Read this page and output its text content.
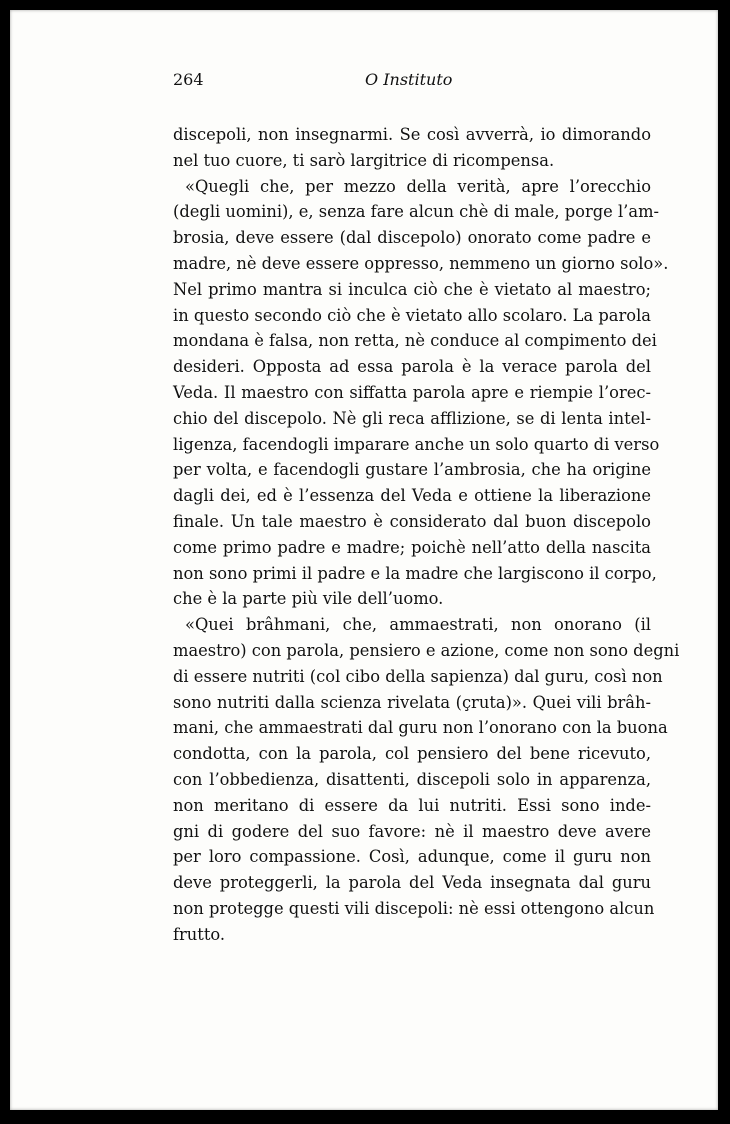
264	O Instituto
discepoli, non insegnarmi. Se così avverrà, io dimorando
nel tuo cuore, ti sarò largitrice di ricompensa.
«Quegli che, per mezzo della verità, apre l’orecchio
(degli uomini), e, senza fare alcun chè di male, porge l’am-
brosia, deve essere (dal discepolo) onorato come padre e
madre, nè deve essere oppresso, nemmeno un giorno solo».
Nel primo mantra si inculca ciò che è vietato al maestro;
in questo secondo ciò che è vietato allo scolaro. La parola
mondana è falsa, non retta, nè conduce al compimento dei
desideri. Opposta ad essa parola è la verace parola del
Veda. Il maestro con siffatta parola apre e riempie l’orec-
chio del discepolo. Nè gli reca afflizione, se di lenta intel-
ligenza, facendogli imparare anche un solo quarto di verso
per volta, e facendogli gustare l’ambrosia, che ha origine
dagli dei, ed è l’essenza del Veda e ottiene la liberazione
finale. Un tale maestro è considerato dal buon discepolo
come primo padre e madre; poichè nell’atto della nascita
non sono primi il padre e la madre che largiscono il corpo,
che è la parte più vile dell’uomo.
«Quei brâhmani, che, ammaestrati, non onorano (il
maestro) con parola, pensiero e azione, come non sono degni
di essere nutriti (col cibo della sapienza) dal guru, così non
sono nutriti dalla scienza rivelata (çruta)». Quei vili brâh-
mani, che ammaestrati dal guru non l’onorano con la buona
condotta, con la parola, col pensiero del bene ricevuto,
con l’obbedienza, disattenti, discepoli solo in apparenza,
non meritano di essere da lui nutriti. Essi sono inde-
gni di godere del suo favore: nè il maestro deve avere
per loro compassione. Così, adunque, come il guru non
deve proteggerli, la parola del Veda insegnata dal guru
non protegge questi vili discepoli: nè essi ottengono alcun
frutto.
